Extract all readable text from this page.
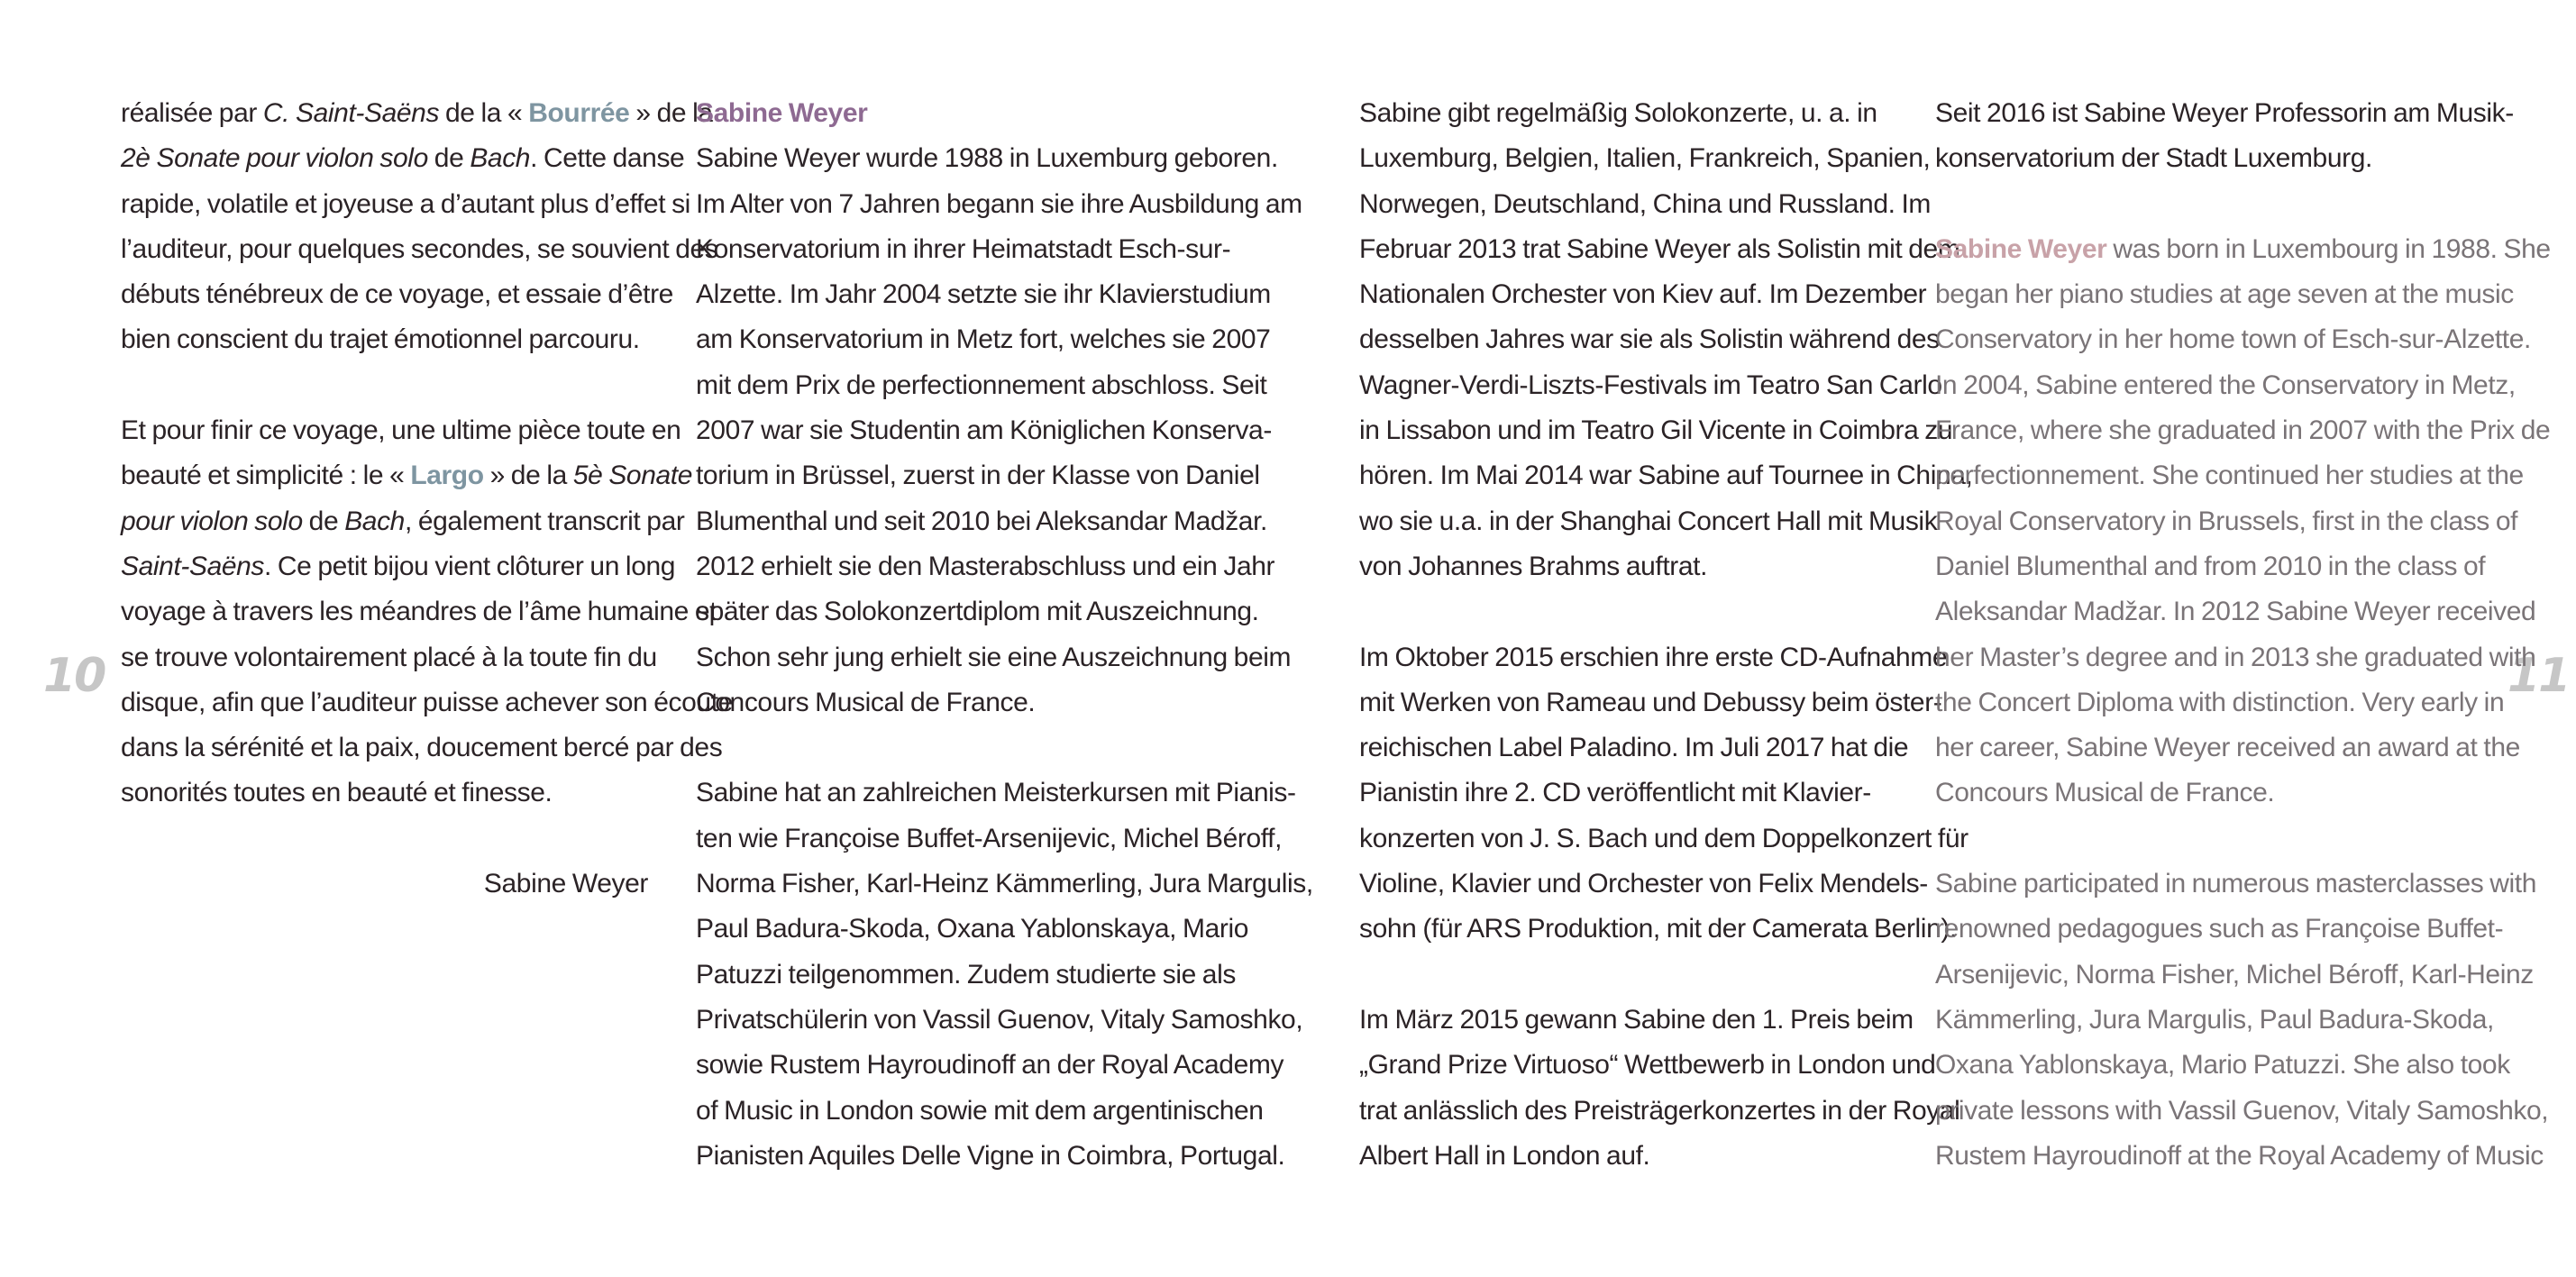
10	11

réalisée par C. Saint-Saëns de la « Bourrée » de la

2è Sonate pour violon solo de Bach. Cette danse

rapide, volatile et joyeuse a d’autant plus d’effet si

l’auditeur, pour quelques secondes, se souvient des

débuts ténébreux de ce voyage, et essaie d’être

bien conscient du trajet émotionnel parcouru.

Et pour finir ce voyage, une ultime pièce toute en

beauté et simplicité : le « Largo » de la 5è Sonate

pour violon solo de Bach, également transcrit par

Saint-Saëns. Ce petit bijou vient clôturer un long

voyage à travers les méandres de l’âme humaine et

se trouve volontairement placé à la toute fin du

disque, afin que l’auditeur puisse achever son écoute

dans la sérénité et la paix, doucement bercé par des

sonorités toutes en beauté et finesse.

Sabine Weyer

Sabine Weyer

Sabine Weyer wurde 1988 in Luxemburg geboren.

Im Alter von 7 Jahren begann sie ihre Ausbildung am

Konservatorium in ihrer Heimatstadt Esch-sur-

Alzette. Im Jahr 2004 setzte sie ihr Klavierstudium

am Konservatorium in Metz fort, welches sie 2007

mit dem Prix de perfectionnement abschloss. Seit

2007 war sie Studentin am Königlichen Konserva-

torium in Brüssel, zuerst in der Klasse von Daniel

Blumenthal und seit 2010 bei Aleksandar Madžar.

2012 erhielt sie den Masterabschluss und ein Jahr

später das Solokonzertdiplom mit Auszeichnung.

Schon sehr jung erhielt sie eine Auszeichnung beim

Concours Musical de France.

Sabine hat an zahlreichen Meisterkursen mit Pianis-

ten wie Françoise Buffet-Arsenijevic, Michel Béroff,

Norma Fisher, Karl-Heinz Kämmerling, Jura Margulis,

Paul Badura-Skoda, Oxana Yablonskaya, Mario

Patuzzi teilgenommen. Zudem studierte sie als

Privatschülerin von Vassil Guenov, Vitaly Samoshko,

sowie Rustem Hayroudinoff an der Royal Academy

of Music in London sowie mit dem argentinischen

Pianisten Aquiles Delle Vigne in Coimbra, Portugal.

Sabine gibt regelmäßig Solokonzerte, u. a. in

Luxemburg, Belgien, Italien, Frankreich, Spanien,

Norwegen, Deutschland, China und Russland. Im

Februar 2013 trat Sabine Weyer als Solistin mit dem

Nationalen Orchester von Kiev auf. Im Dezember

desselben Jahres war sie als Solistin während des

Wagner-Verdi-Liszts-Festivals im Teatro San Carlo

in Lissabon und im Teatro Gil Vicente in Coimbra zu

hören. Im Mai 2014 war Sabine auf Tournee in China,

wo sie u.a. in der Shanghai Concert Hall mit Musik

von Johannes Brahms auftrat.

Im Oktober 2015 erschien ihre erste CD-Aufnahme

mit Werken von Rameau und Debussy beim öster-

reichischen Label Paladino. Im Juli 2017 hat die

Pianistin ihre 2. CD veröffentlicht mit Klavier-

konzerten von J. S. Bach und dem Doppelkonzert für

Violine, Klavier und Orchester von Felix Mendels-

sohn (für ARS Produktion, mit der Camerata Berlin).

Im März 2015 gewann Sabine den 1. Preis beim

„Grand Prize Virtuoso“ Wettbewerb in London und

trat anlässlich des Preisträgerkonzertes in der Royal

Albert Hall in London auf.

Seit 2016 ist Sabine Weyer Professorin am Musik-

konservatorium der Stadt Luxemburg.

Sabine Weyer was born in Luxembourg in 1988. She

began her piano studies at age seven at the music

Conservatory in her home town of Esch-sur-Alzette.

In 2004, Sabine entered the Conservatory in Metz,

France, where she graduated in 2007 with the Prix de

perfectionnement. She continued her studies at the

Royal Conservatory in Brussels, first in the class of

Daniel Blumenthal and from 2010 in the class of

Aleksandar Madžar. In 2012 Sabine Weyer received

her Master’s degree and in 2013 she graduated with

the Concert Diploma with distinction. Very early in

her career, Sabine Weyer received an award at the

Concours Musical de France.

Sabine participated in numerous masterclasses with

renowned pedagogues such as Françoise Buffet-

Arsenijevic, Norma Fisher, Michel Béroff, Karl-Heinz

Kämmerling, Jura Margulis, Paul Badura-Skoda,

Oxana Yablonskaya, Mario Patuzzi. She also took

private lessons with Vassil Guenov, Vitaly Samoshko,

Rustem Hayroudinoff at the Royal Academy of Music
